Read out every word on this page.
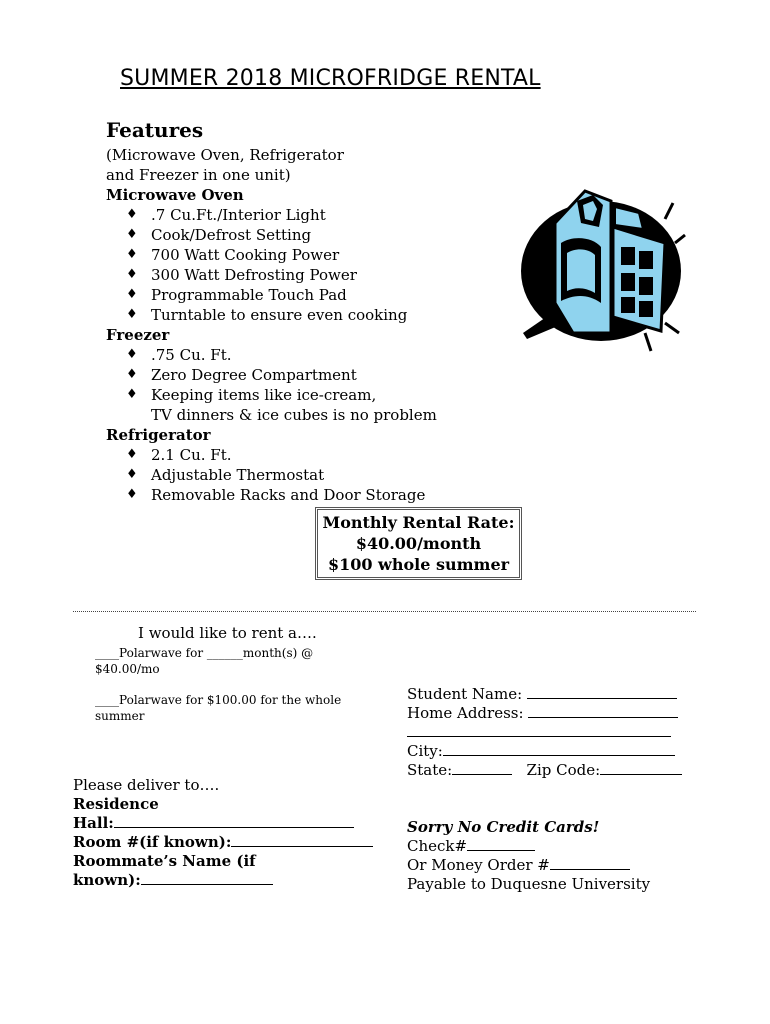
SUMMER 2018 MICROFRIDGE RENTAL
Features
(Microwave Oven, Refrigerator
and Freezer in one unit)
Microwave Oven
♦ .7 Cu.Ft./Interior Light
♦ Cook/Defrost Setting
♦ 700 Watt Cooking Power
♦ 300 Watt Defrosting Power
♦ Programmable Touch Pad
♦ Turntable to ensure even cooking
Freezer
♦ .75 Cu. Ft.
♦ Zero Degree Compartment
♦ Keeping items like ice-cream,
TV dinners & ice cubes is no problem
Refrigerator
♦ 2.1 Cu. Ft.
♦ Adjustable Thermostat
♦ Removable Racks and Door Storage
Monthly Rental Rate:
$40.00/month
$100 whole summer
I would like to rent a….
____Polarwave for ______month(s) @
$40.00/mo
____Polarwave for $100.00 for the whole
summer
Student Name:
Home Address:
City:
State:	Zip Code:
Please deliver to….
Residence
Hall:
Room #(if known):
Roommate’s Name (if
known):
Sorry No Credit Cards!
Check#
Or Money Order #
Payable to Duquesne University
